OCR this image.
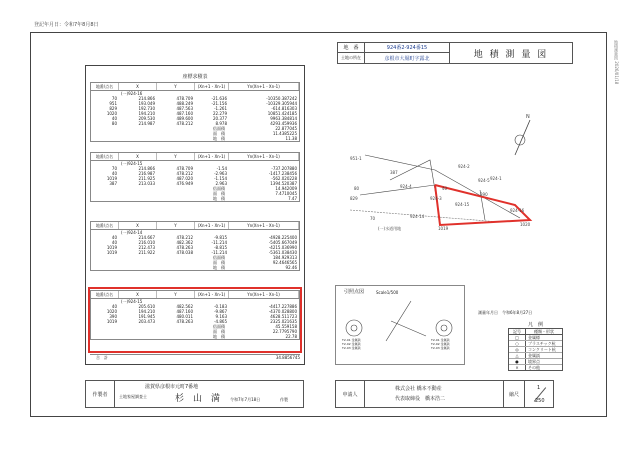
登記年月日：令和7年8月8日
地積測量図 2026/01/18
地　番	924番2-924番15
土地の所在	彦根市大堀町字露北	地 積 測 量 図
座標求積表
地番/点名	X	Y	(Xn+1 - Xn-1)	Yn(Xn+1 - Xn-1)
(一)924-16
70	214.866	478.709	-21.636	-10350.387242
951	193.049	488.249	-21.156	-10329.305944
829	192.730	487.563	-1.261	-614.816303
1020	194.210	487.160	22.279	10851.424185
40	209.530	489.600	20.377	9963.384814
80	214.987	478.212	8.978	4293.459936
倍面積	22.877045
面　積	11.4385225
地　積	11.38
地番/点名	X	Y	(Xn+1 - Xn-1)	Yn(Xn+1 - Xn-1)
(一)924-15
70	214.866	478.709	-1.54	-737.207880
40	216.987	478.212	-2.963	-1417.238456
1019	211.925	487.020	-1.154	-562.020228
387	213.033	476.949	2.963	1394.520387
倍面積	14.942009
面　積	7.4710045
地　積	7.47
地番/点名	X	Y	(Xn+1 - Xn-1)	Yn(Xn+1 - Xn-1)
(一)924-14
40	214.667	478.212	-9.815	-4928.225400
40	216.010	482.362	-11.214	-5405.667049
1019	212.473	478.263	-8.815	-4215.036990
1019	211.922	478.038	-11.214	-5361.038430
倍面積	184.929313
面　積	92.4646565
地　積	92.46
地番/点名	X	Y	(Xn+1 - Xn-1)	Yn(Xn+1 - Xn-1)
(一)924-15
40	205.610	482.562	-0.183	-4417.227886
1020	194.210	487.160	-9.867	-4370.028800
390	191.945	480.011	9.163	4628.511723
1019	203.473	478.263	-4.865	2325.021635
倍面積	45.559158
面　積	22.7795790
地　積	22.78
合　計	34.8856745
924-2
924-5
924-4
924-3
924-1
924-15
924-14
924-16
951-1
1019
1020
829
70
80	40
387
390
(一)水道用地
N
引照点図	Scale1/500
T2-01 金属鋲
T2-02 金属鋲
T2-03 金属鋲
T2-01 金属鋲
T2-02 金属鋲
T2-03 金属鋲
測量年月日　令和6年8月27日
凡　例
記号	種類・形状
□	金属標
○	プラスチック杭
◎	コンクリート杭
△	金属鋲
●	境界点
×	その他
作製者
滋賀県彦根市元町7番地
土地家屋調査士	杉　山　満 令和7年7月18日	作製
申請人
株式会社 橋本不動産
代表取締役　橋本浩二
縮尺
1
250
